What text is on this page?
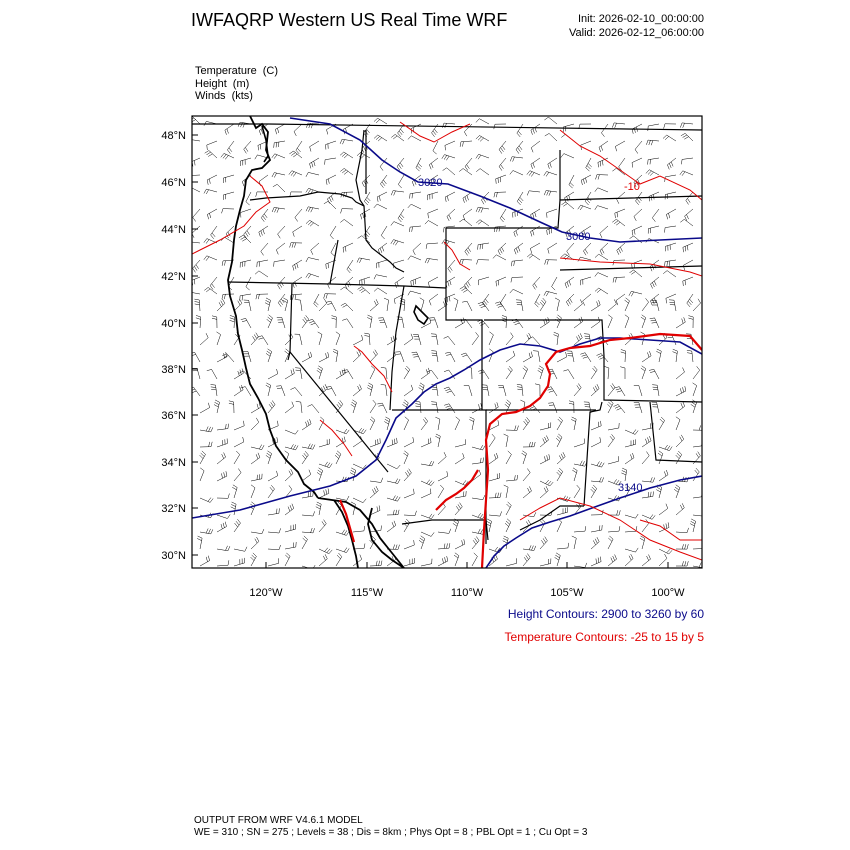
IWFAQRP Western US Real Time WRF	Init: 2026-02-10_00:00:00
Valid: 2026-02-12_06:00:00
Temperature (C)
Height (m)
Winds (kts)
3020
3080
3140
-10
48°N
46°N
44°N
42°N
40°N
38°N
36°N
34°N
32°N
30°N
120°W	115°W	110°W	105°W	100°W
Height Contours: 2900 to 3260 by 60
Temperature Contours: -25 to 15 by 5
OUTPUT FROM WRF V4.6.1 MODEL
WE = 310 ; SN = 275 ; Levels = 38 ; Dis = 8km ; Phys Opt = 8 ; PBL Opt = 1 ; Cu Opt = 3
